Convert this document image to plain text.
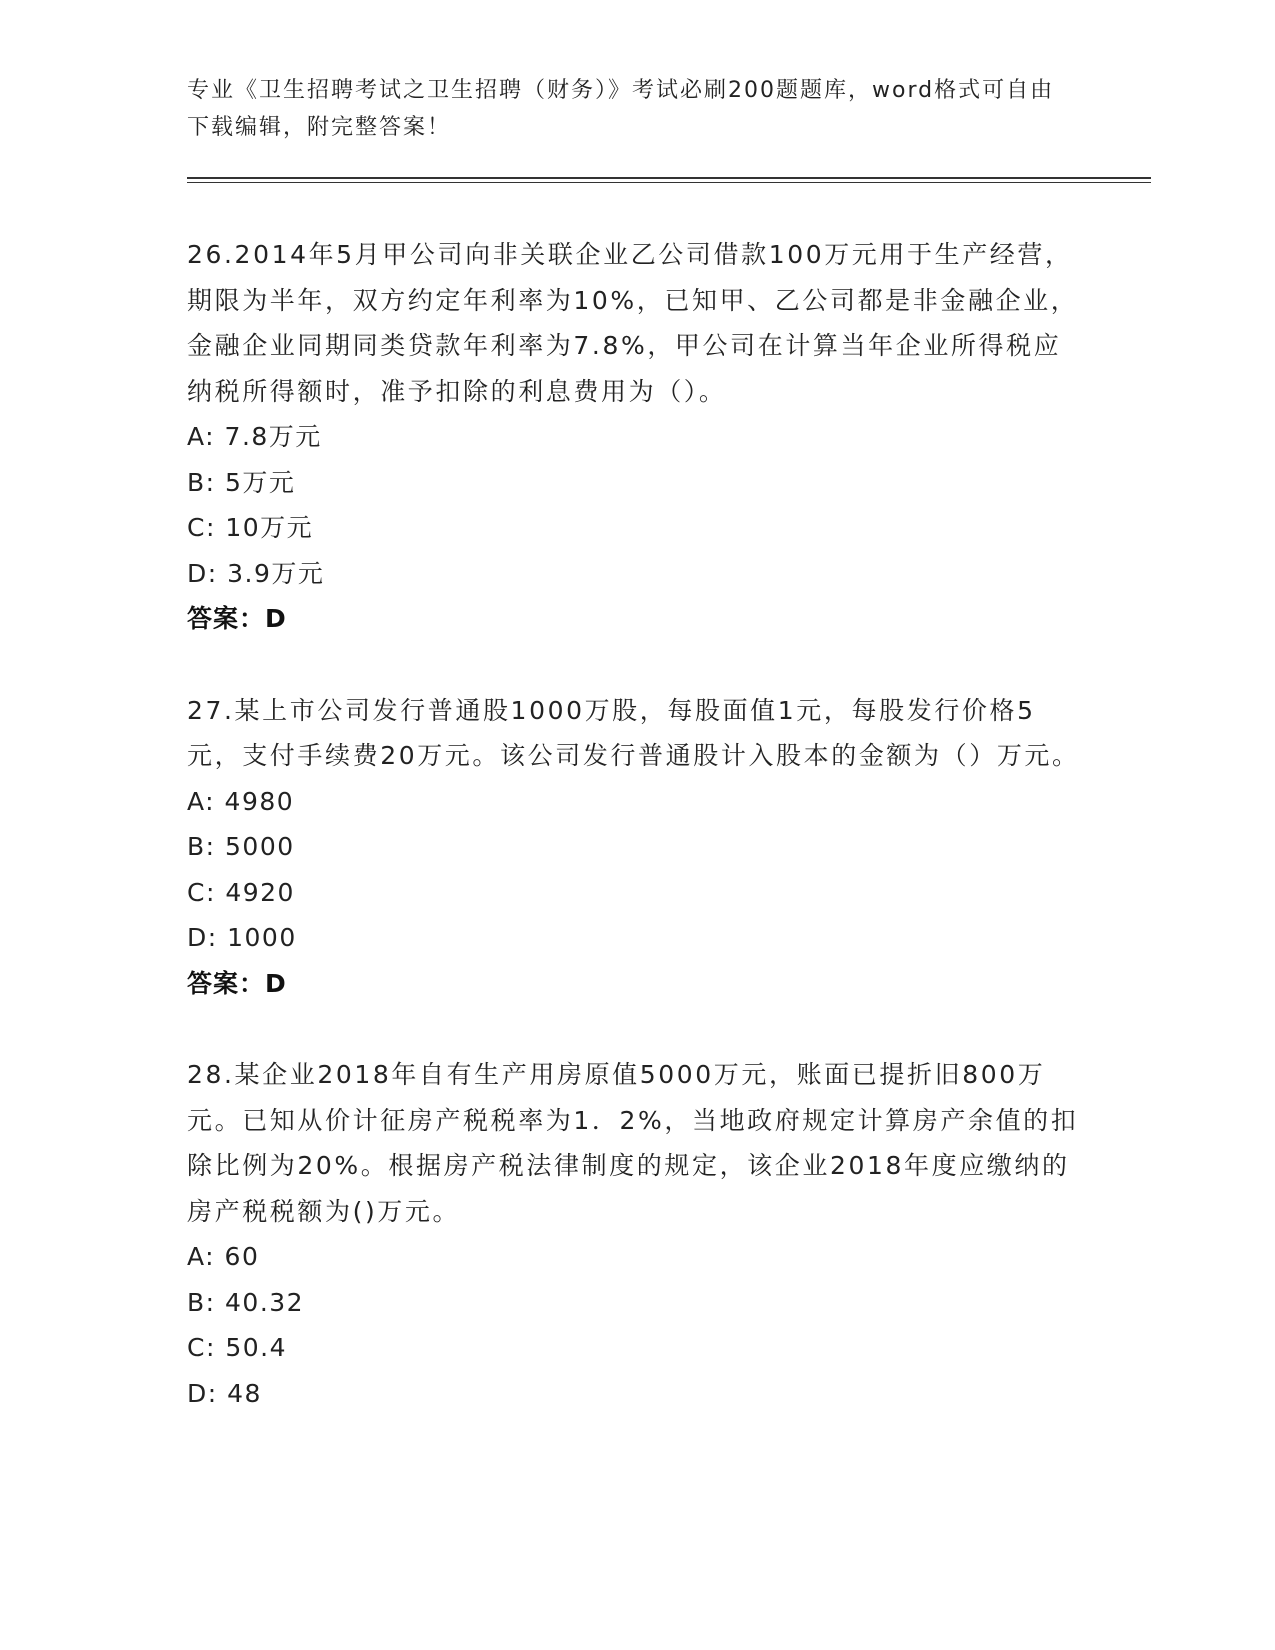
专业《卫生招聘考试之卫生招聘（财务）》考试必刷200题题库，word格式可自由下载编辑，附完整答案！

26.2014年5月甲公司向非关联企业乙公司借款100万元用于生产经营，期限为半年，双方约定年利率为10%，已知甲、乙公司都是非金融企业，金融企业同期同类贷款年利率为7.8%，甲公司在计算当年企业所得税应纳税所得额时，准予扣除的利息费用为（）。

A: 7.8万元

B: 5万元

C: 10万元

D: 3.9万元

答案：D

27.某上市公司发行普通股1000万股，每股面值1元，每股发行价格5元，支付手续费20万元。该公司发行普通股计入股本的金额为（）万元。

A: 4980

B: 5000

C: 4920

D: 1000

答案：D

28.某企业2018年自有生产用房原值5000万元，账面已提折旧800万元。已知从价计征房产税税率为1．2%，当地政府规定计算房产余值的扣除比例为20%。根据房产税法律制度的规定，该企业2018年度应缴纳的房产税税额为()万元。

A: 60

B: 40.32

C: 50.4

D: 48
